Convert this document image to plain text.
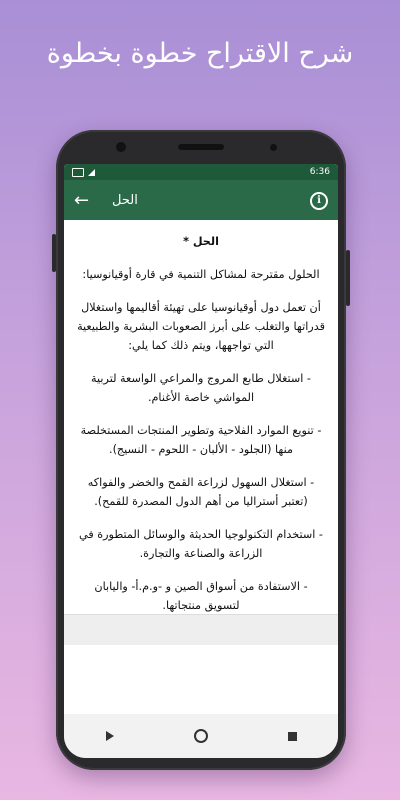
شرح الاقتراح خطوة بخطوة
6:36
←	الحل	i

الحل *

الحلول مقترحة لمشاكل التنمية في قارة أوقيانوسيا:

أن تعمل دول أوقيانوسيا على تهيئة أقاليمها واستغلال قدراتها والتغلب على أبرز الصعوبات البشرية والطبيعية التي تواجهها، ويتم ذلك كما يلي:

- استغلال طابع المروج والمراعي الواسعة لتربية المواشي خاصة الأغنام.

- تنويع الموارد الفلاحية وتطوير المنتجات المستخلصة منها (الجلود - الألبان - اللحوم - النسيج).

- استغلال السهول لزراعة القمح والخضر والفواكه (تعتبر أستراليا من أهم الدول المصدرة للقمح).

- استخدام التكنولوجيا الحديثة والوسائل المتطورة في الزراعة والصناعة والتجارة.

- الاستفادة من أسواق الصين و -و.م.أ- واليابان لتسويق منتجاتها.
